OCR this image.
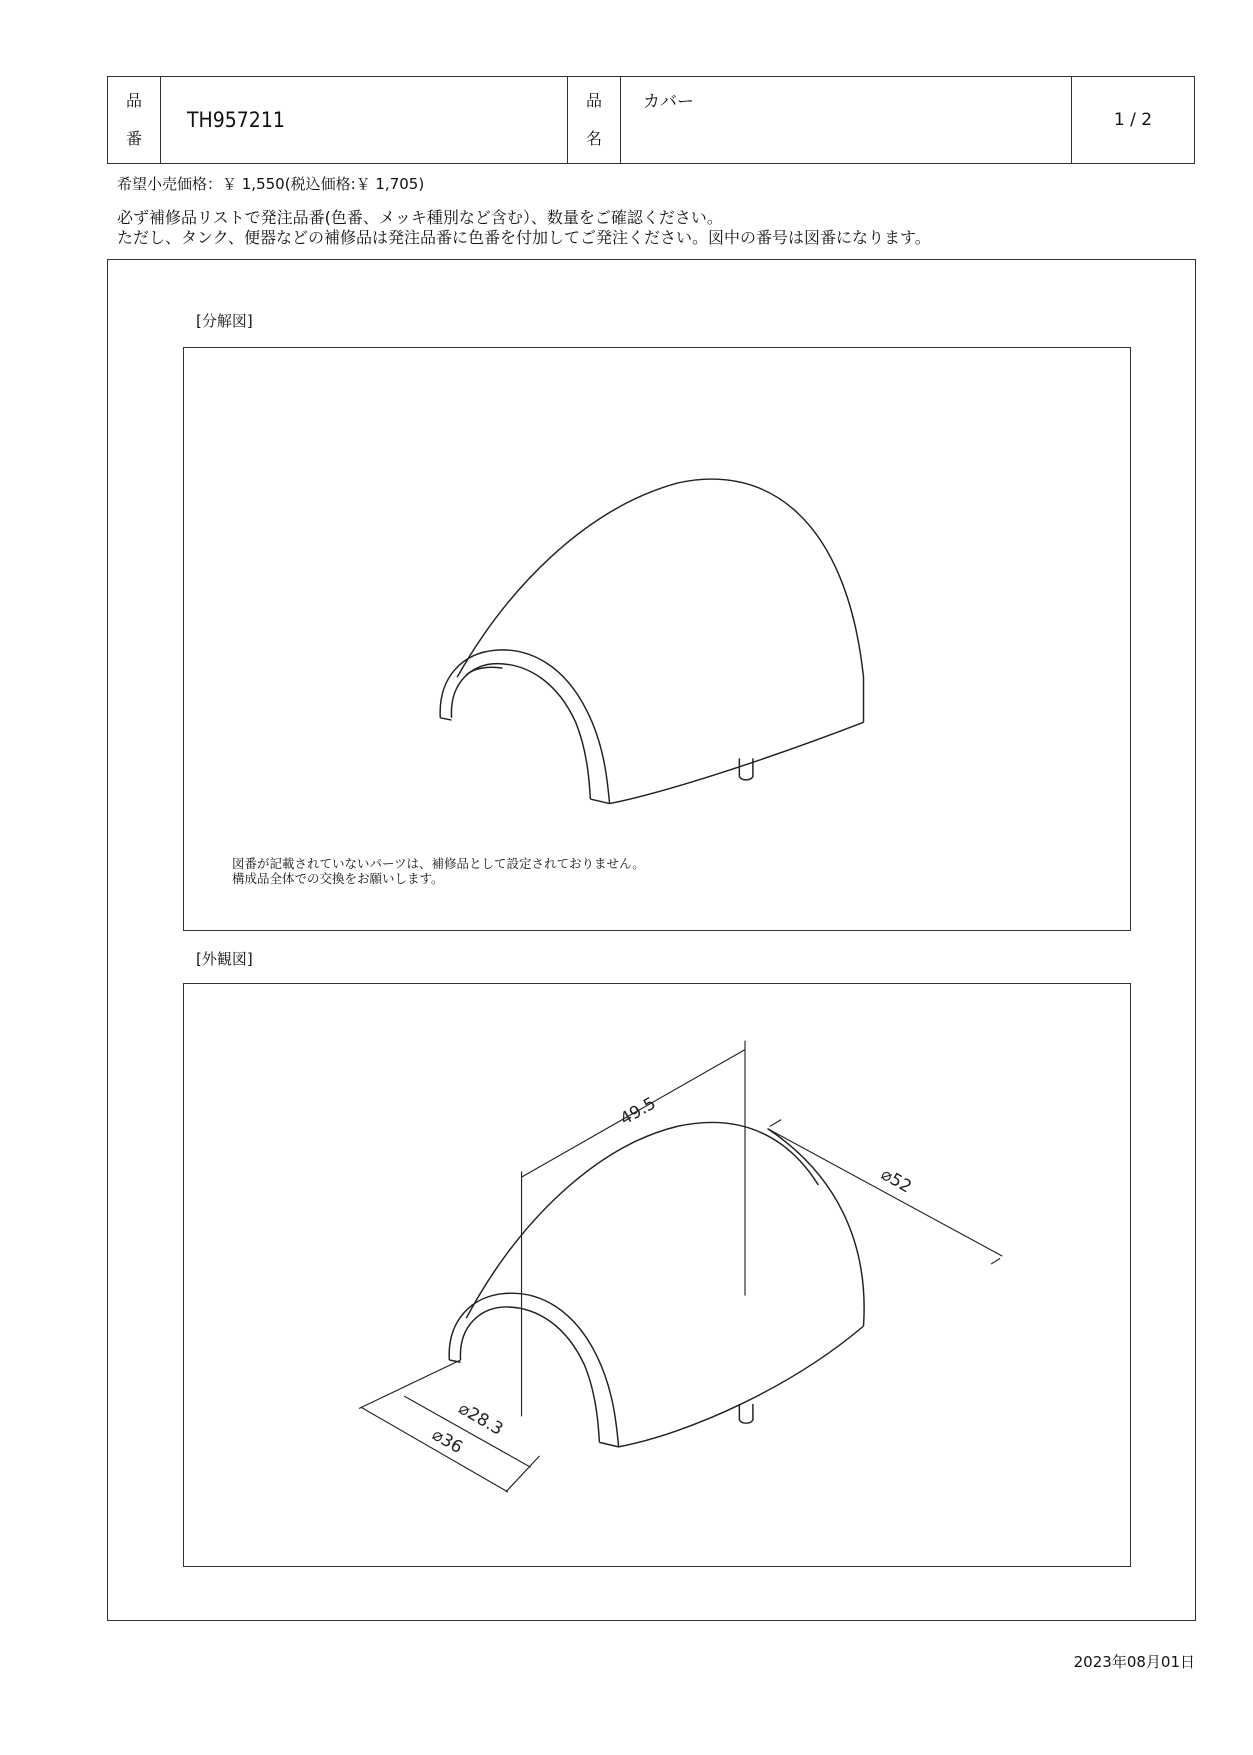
品
番
	TH957211	
品
名
	カバー	1 / 2
希望小売価格：￥ 1,550(税込価格:￥ 1,705)
必ず補修品リストで発注品番(色番、メッキ種別など含む）、数量をご確認ください。
ただし、タンク、便器などの補修品は発注品番に色番を付加してご発注ください。図中の番号は図番になります。
[分解図]
図番が記載されていないパーツは、補修品として設定されておりません。
構成品全体での交換をお願いします。
[外観図]
49.5
⌀52
⌀28.3
⌀36
2023年08月01日
